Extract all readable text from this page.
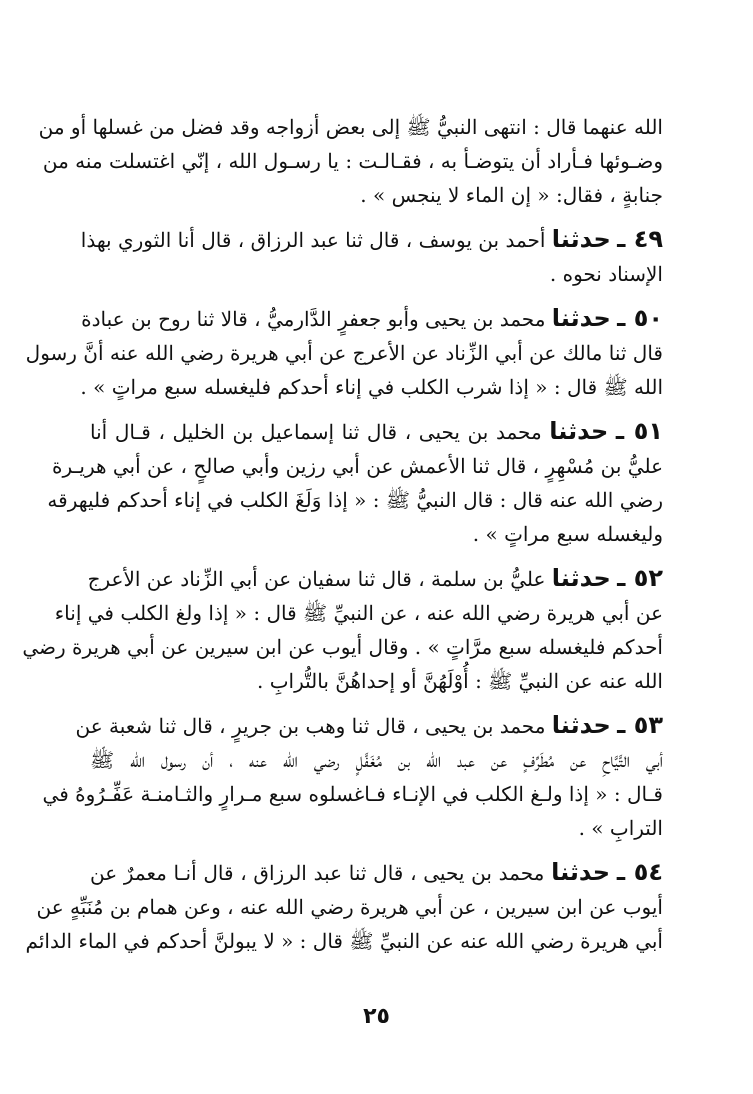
الله عنهما قال : انتهى النبيُّ ﷺ إلى بعض أزواجه وقد فضل من غسلها أو من
وضـوئها فـأراد أن يتوضـأ به ، فقـالـت : يا رسـول الله ، إنّي اغتسلت منه من
جنابةٍ ، فقال: « إن الماء لا ينجس » .
٤٩ ـ حدثنا أحمد بن يوسف ، قال ثنا عبد الرزاق ، قال أنا الثوري بهذا
الإسناد نحوه .
٥٠ ـ حدثنا محمد بن يحيى وأبو جعفرٍ الدَّارميُّ ، قالا ثنا روح بن عبادة
قال ثنا مالك عن أبي الزِّناد عن الأعرج عن أبي هريرة رضي الله عنه أنَّ رسول
الله ﷺ قال : « إذا شرب الكلب في إناء أحدكم فليغسله سبع مراتٍ » .
٥١ ـ حدثنا محمد بن يحيى ، قال ثنا إسماعيل بن الخليل ، قـال أنا
عليُّ بن مُسْهِرٍ ، قال ثنا الأعمش عن أبي رزين وأبي صالحٍ ، عن أبي هريـرة
رضي الله عنه قال : قال النبيُّ ﷺ : « إذا وَلَغَ الكلب في إناء أحدكم فليهرقه
وليغسله سبع مراتٍ » .
٥٢ ـ حدثنا عليُّ بن سلمة ، قال ثنا سفيان عن أبي الزِّناد عن الأعرج
عن أبي هريرة رضي الله عنه ، عن النبيِّ ﷺ قال : « إذا ولغ الكلب في إناء
أحدكم فليغسله سبع مرَّاتٍ » . وقال أيوب عن ابن سيرين عن أبي هريرة رضي
الله عنه عن النبيِّ ﷺ : أُوْلَهُنَّ أو إحداهُنَّ بالتُّرابِ .
٥٣ ـ حدثنا محمد بن يحيى ، قال ثنا وهب بن جريرٍ ، قال ثنا شعبة عن
أبي التَّيَّاحِ عن مُطَرِّفٍ عن عبد الله بن مُغَفَّلٍ رضي الله عنه ، أن رسول الله ﷺ
قـال : « إذا ولـغ الكلب في الإنـاء فـاغسلوه سبع مـرارٍ والثـامنـة عَفِّـرُوهُ في
الترابِ » .
٥٤ ـ حدثنا محمد بن يحيى ، قال ثنا عبد الرزاق ، قال أنـا معمرٌ عن
أيوب عن ابن سيرين ، عن أبي هريرة رضي الله عنه ، وعن همام بن مُنَبِّهٍ عن
أبي هريرة رضي الله عنه عن النبيِّ ﷺ قال : « لا يبولنَّ أحدكم في الماء الدائم
٢٥
